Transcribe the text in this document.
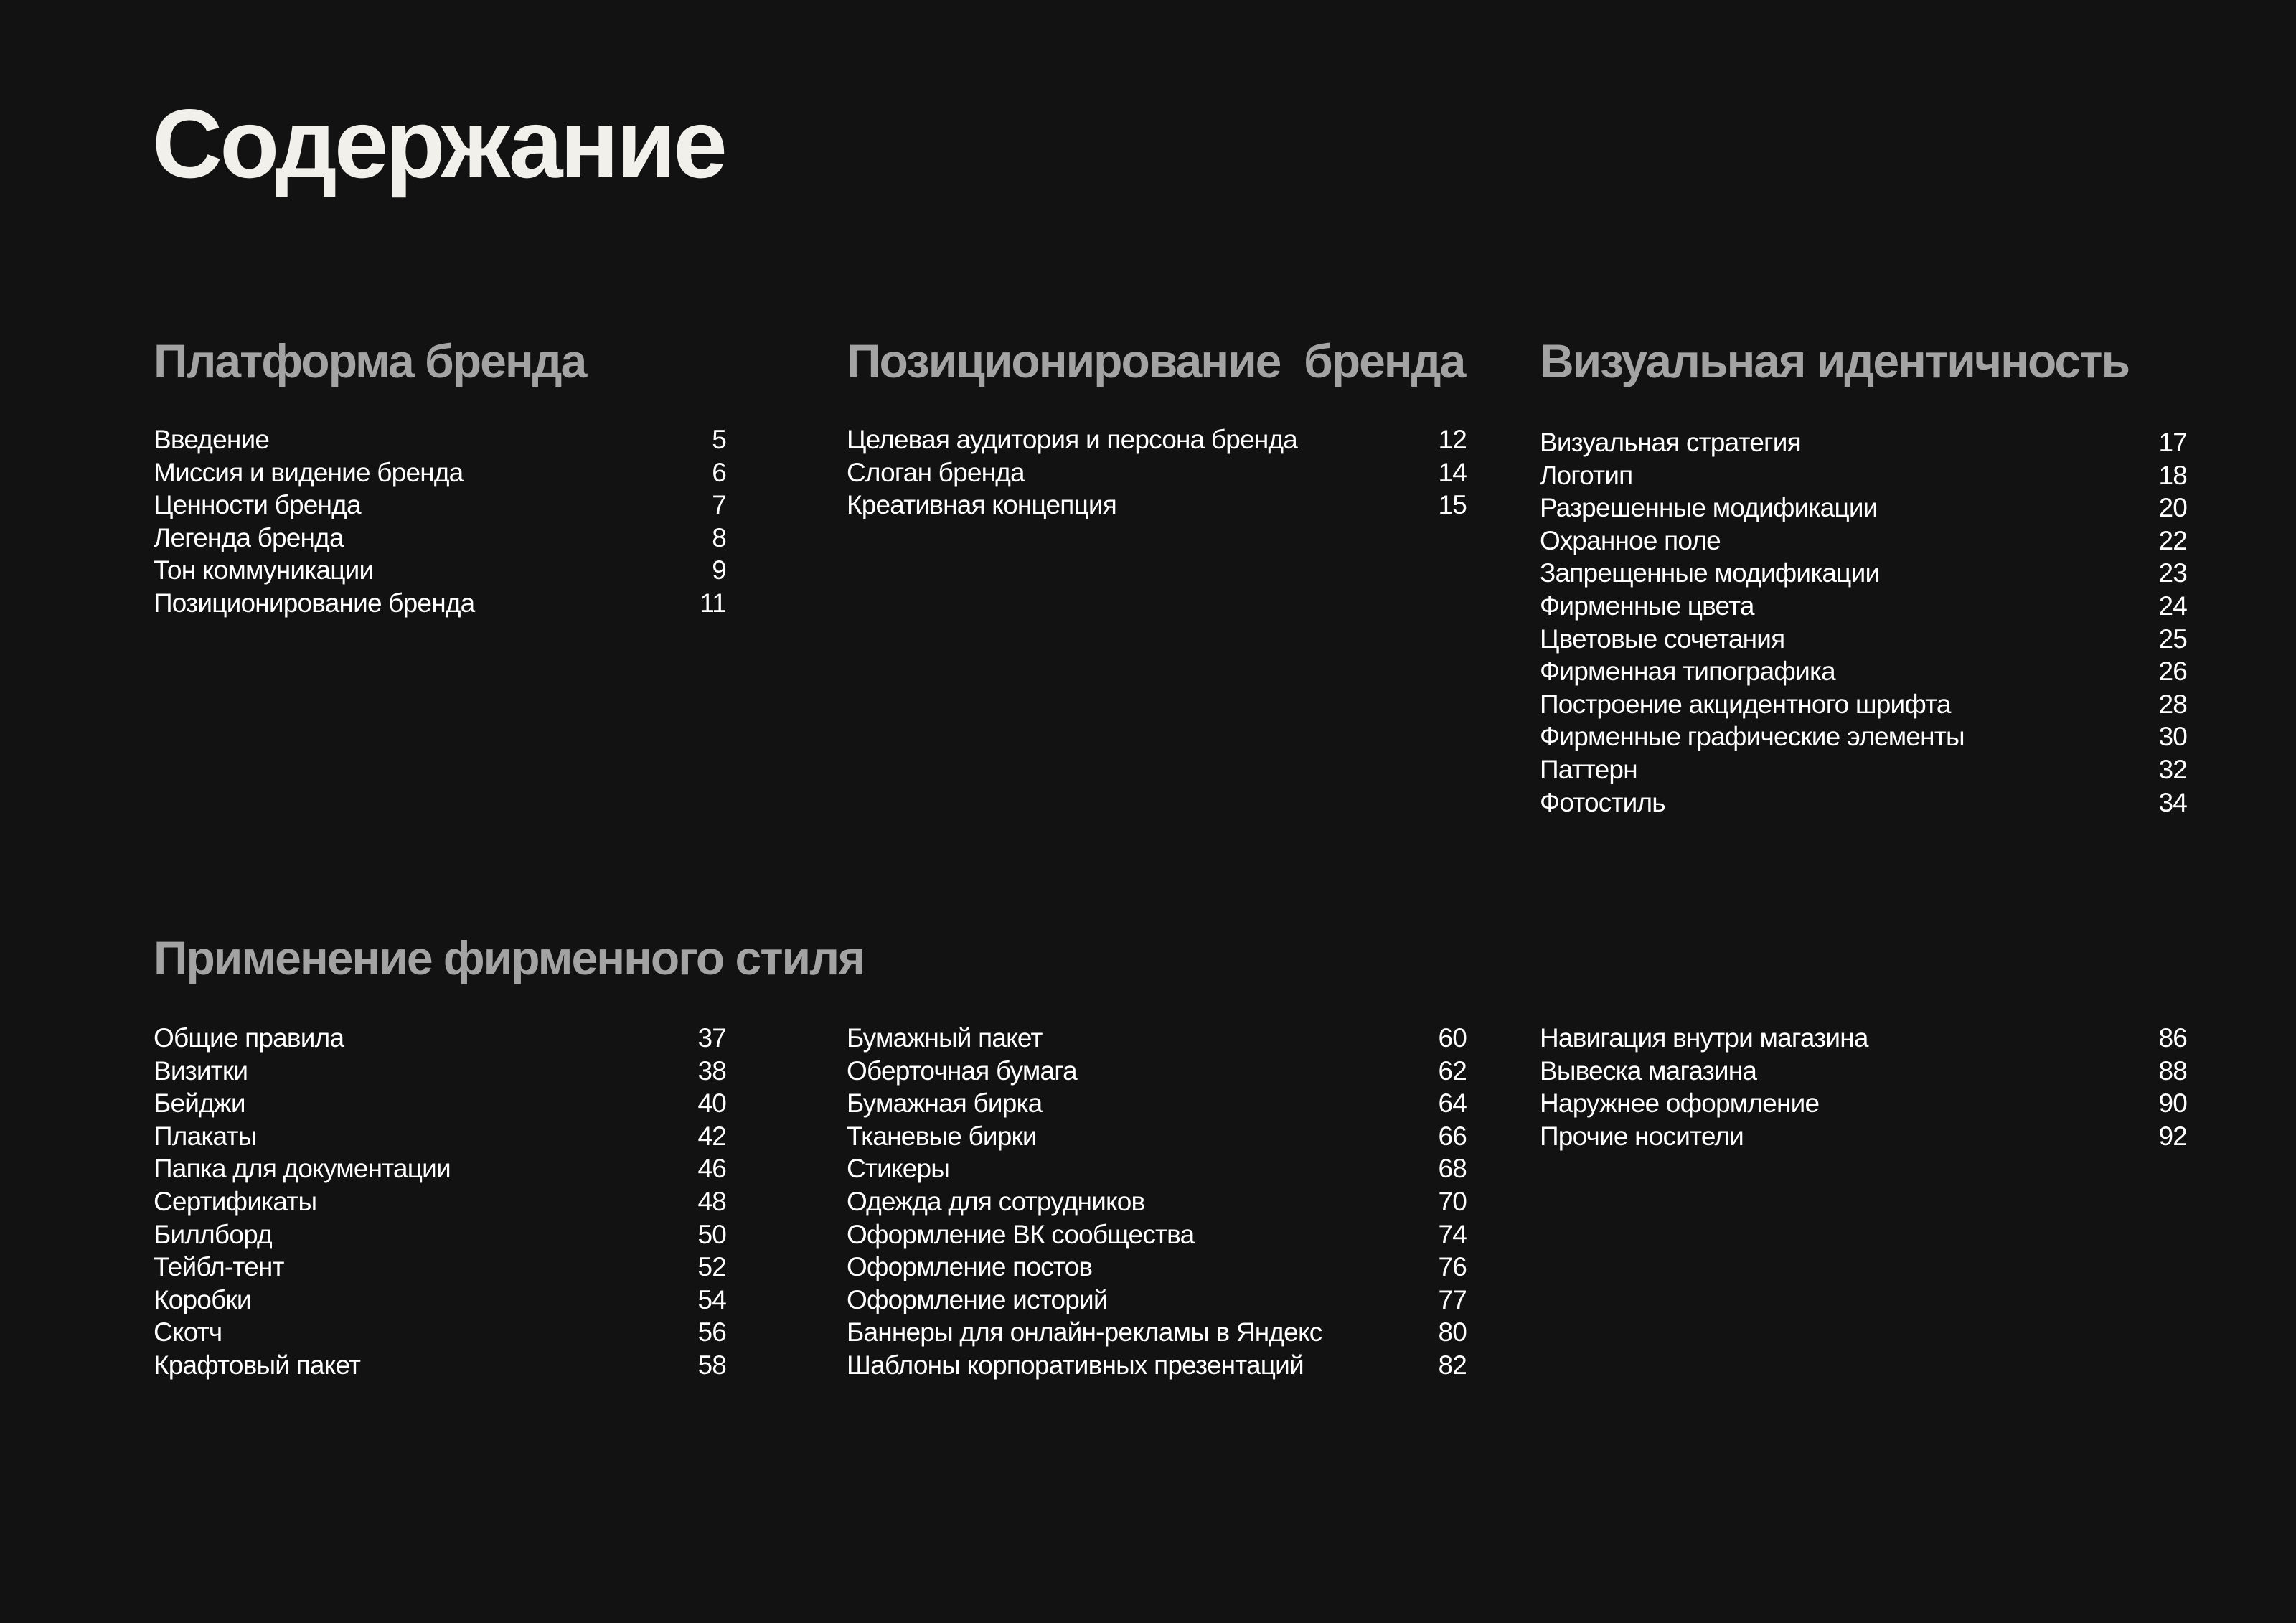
Содержание
Платформа бренда
Введение	5
Миссия и видение бренда	6
Ценности бренда	7
Легенда бренда	8
Тон коммуникации	9
Позиционирование бренда	11
Позиционирование  бренда
Целевая аудитория и персона бренда	12
Слоган бренда	14
Креативная концепция	15
Визуальная идентичность
Визуальная стратегия	17
Логотип	18
Разрешенные модификации	20
Охранное поле	22
Запрещенные модификации	23
Фирменные цвета	24
Цветовые сочетания	25
Фирменная типографика	26
Построение акцидентного шрифта	28
Фирменные графические элементы	30
Паттерн	32
Фотостиль	34
Применение фирменного стиля
Общие правила	37
Визитки	38
Бейджи	40
Плакаты	42
Папка для документации	46
Сертификаты	48
Биллборд	50
Тейбл-тент	52
Коробки	54
Скотч	56
Крафтовый пакет	58
Бумажный пакет	60
Оберточная бумага	62
Бумажная бирка	64
Тканевые бирки	66
Стикеры	68
Одежда для сотрудников	70
Оформление ВК сообщества	74
Оформление постов	76
Оформление историй	77
Баннеры для онлайн-рекламы в Яндекс	80
Шаблоны корпоративных презентаций	82
Навигация внутри магазина	86
Вывеска магазина	88
Наружнее оформление	90
Прочие носители	92
